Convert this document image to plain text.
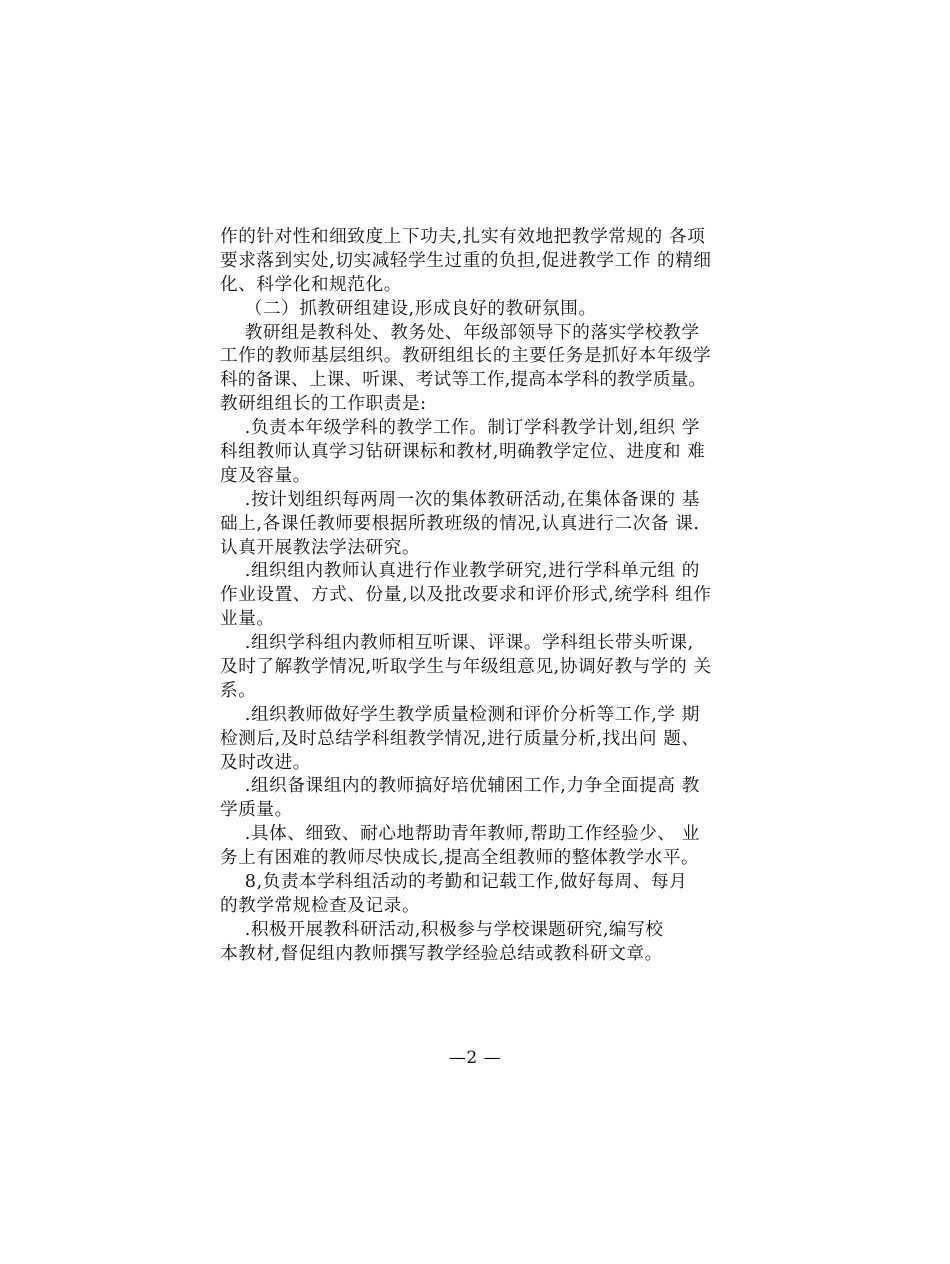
作的针对性和细致度上下功夫,扎实有效地把教学常规的 各项
要求落到实处,切实减轻学生过重的负担,促进教学工作 的精细
化、科学化和规范化。
（二）抓教研组建设,形成良好的教研氛围。
教研组是教科处、教务处、年级部领导下的落实学校教学
工作的教师基层组织。教研组组长的主要任务是抓好本年级学
科的备课、上课、听课、考试等工作,提高本学科的教学质量。
教研组组长的工作职责是:
.负责本年级学科的教学工作。制订学科教学计划,组织 学
科组教师认真学习钻研课标和教材,明确教学定位、进度和 难
度及容量。
.按计划组织每两周一次的集体教研活动,在集体备课的 基
础上,各课任教师要根据所教班级的情况,认真进行二次备 课.
认真开展教法学法研究。
.组织组内教师认真进行作业教学研究,进行学科单元组 的
作业设置、方式、份量,以及批改要求和评价形式,统学科 组作
业量。
.组织学科组内教师相互听课、评课。学科组长带头听课,
及时了解教学情况,听取学生与年级组意见,协调好教与学的 关
系。
.组织教师做好学生教学质量检测和评价分析等工作,学 期
检测后,及时总结学科组教学情况,进行质量分析,找出问 题、
及时改进。
.组织备课组内的教师搞好培优辅困工作,力争全面提高 教
学质量。
.具体、细致、耐心地帮助青年教师,帮助工作经验少、 业
务上有困难的教师尽快成长,提高全组教师的整体教学水平。
8,负责本学科组活动的考勤和记载工作,做好每周、每月
的教学常规检查及记录。
.积极开展教科研活动,积极参与学校课题研究,编写校
本教材,督促组内教师撰写教学经验总结或教科研文章。
—2 —
